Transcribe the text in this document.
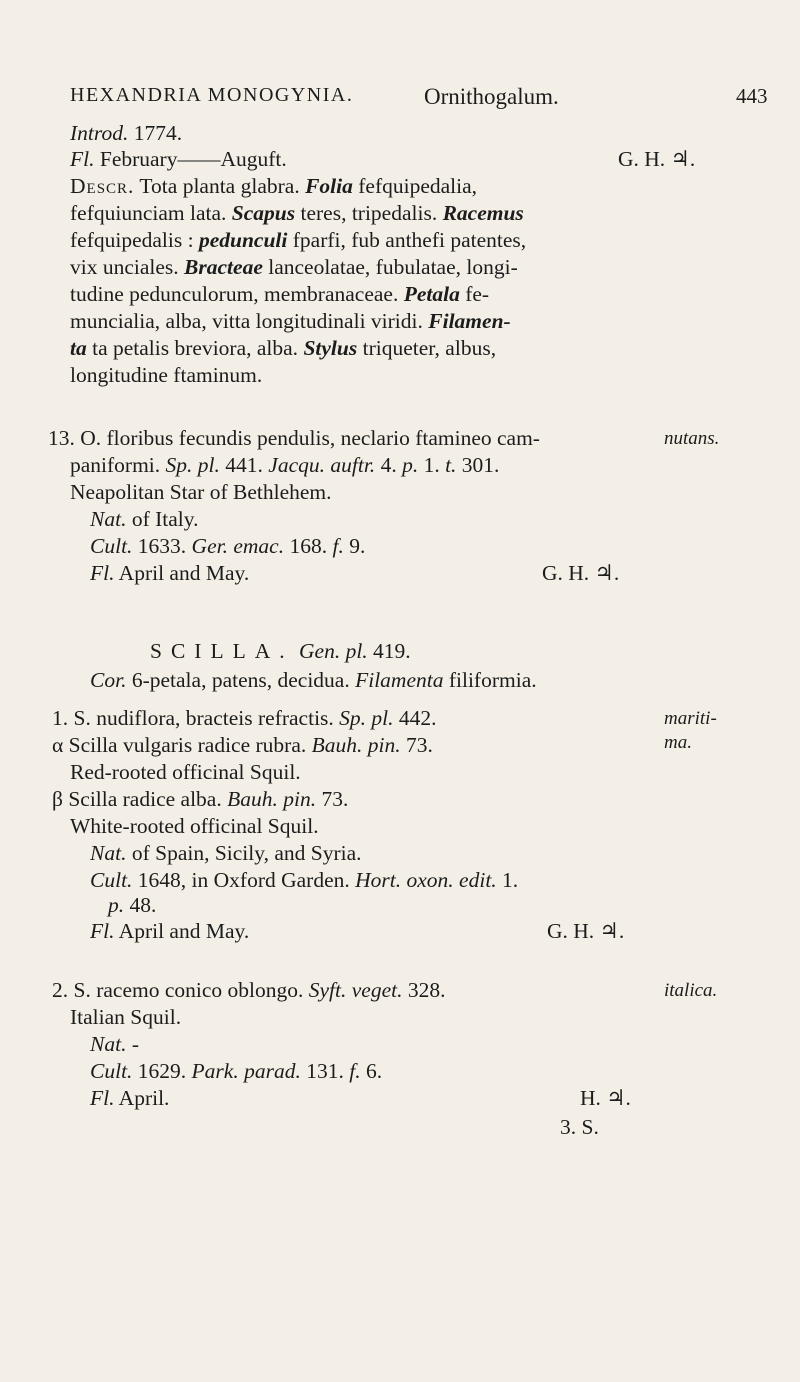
HEXANDRIA MONOGYNIA.	Ornithogalum.	443
Introd. 1774.
Fl. February——Auguft.	G. H. ♃.
Descr. Tota planta glabra. Folia fefquipedalia,
fefquiunciam lata. Scapus teres, tripedalis. Racemus
fefquipedalis : pedunculi fparfi, fub anthefi patentes,
vix unciales. Bracteae lanceolatae, fubulatae, longi-
tudine pedunculorum, membranaceae. Petala fe-
muncialia, alba, vitta longitudinali viridi. Filamen-
ta ta petalis breviora, alba. Stylus triqueter, albus,
longitudine ftaminum.
13. O. floribus fecundis pendulis, neclario ftamineo cam-	nutans.
paniformi. Sp. pl. 441. Jacqu. auftr. 4. p. 1. t. 301.
Neapolitan Star of Bethlehem.
Nat. of Italy.
Cult. 1633. Ger. emac. 168. f. 9.
Fl. April and May.	G. H. ♃.
SCILLA. Gen. pl. 419.
Cor. 6-petala, patens, decidua. Filamenta filiformia.
1. S. nudiflora, bracteis refractis. Sp. pl. 442.	mariti-
ma.
α Scilla vulgaris radice rubra. Bauh. pin. 73.
Red-rooted officinal Squil.
β Scilla radice alba. Bauh. pin. 73.
White-rooted officinal Squil.
Nat. of Spain, Sicily, and Syria.
Cult. 1648, in Oxford Garden. Hort. oxon. edit. 1.
p. 48.
Fl. April and May.	G. H. ♃.
2. S. racemo conico oblongo. Syft. veget. 328.	italica.
Italian Squil.
Nat. -
Cult. 1629. Park. parad. 131. f. 6.
Fl. April.	H. ♃.
3. S.
